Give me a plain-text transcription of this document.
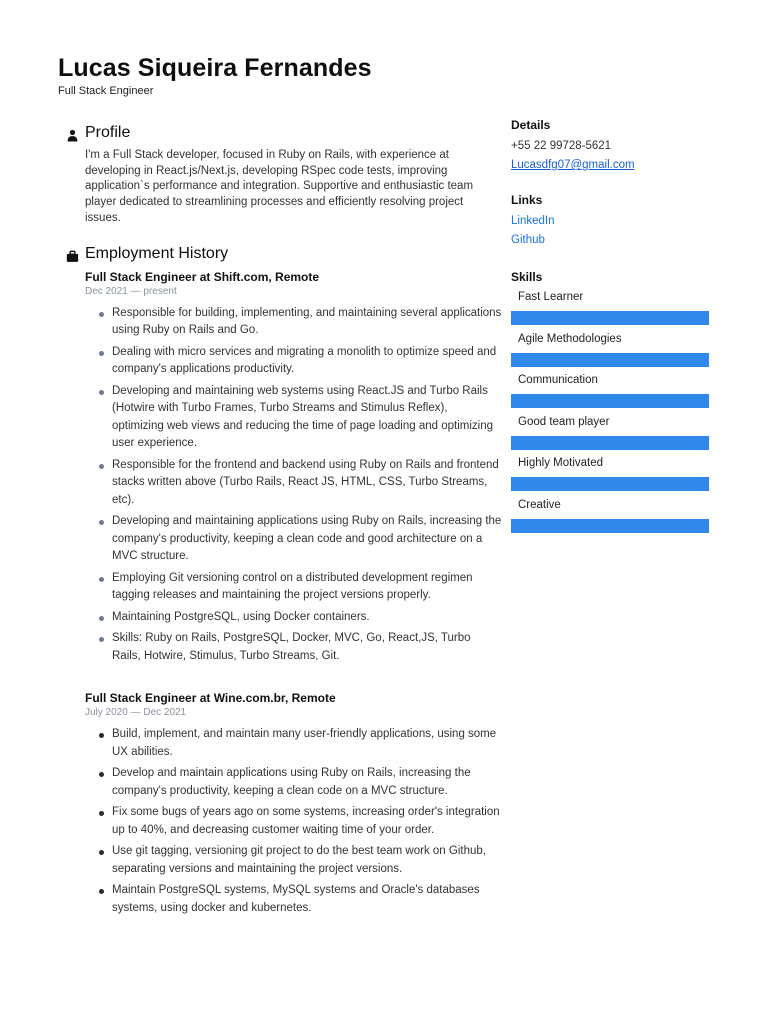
Lucas Siqueira Fernandes
Full Stack Engineer
Profile
I'm a Full Stack developer, focused in Ruby on Rails, with experience at developing in React.js/Next.js, developing RSpec code tests, improving application`s performance and integration. Supportive and enthusiastic team player dedicated to streamlining processes and efficiently resolving project issues.
Employment History
Full Stack Engineer at Shift.com, Remote
Dec 2021 — present
Responsible for building, implementing, and maintaining several applications using Ruby on Rails and Go.
Dealing with micro services and migrating a monolith to optimize speed and company's applications productivity.
Developing and maintaining web systems using React.JS and Turbo Rails (Hotwire with Turbo Frames, Turbo Streams and Stimulus Reflex), optimizing web views and reducing the time of page loading and optimizing user experience.
Responsible for the frontend and backend using Ruby on Rails and frontend stacks written above (Turbo Rails, React JS, HTML, CSS, Turbo Streams, etc).
Developing and maintaining applications using Ruby on Rails, increasing the company's productivity, keeping a clean code and good architecture on a MVC structure.
Employing Git versioning control on a distributed development regimen tagging releases and maintaining the project versions properly.
Maintaining PostgreSQL, using Docker containers.
Skills: Ruby on Rails, PostgreSQL, Docker, MVC, Go, React,JS, Turbo Rails, Hotwire, Stimulus, Turbo Streams, Git.
Full Stack Engineer at Wine.com.br, Remote
July 2020 — Dec 2021
Build, implement, and maintain many user-friendly applications, using some UX abilities.
Develop and maintain applications using Ruby on Rails, increasing the company's productivity, keeping a clean code on a MVC structure.
Fix some bugs of years ago on some systems, increasing order's integration up to 40%, and decreasing customer waiting time of your order.
Use git tagging, versioning git project to do the best team work on Github, separating versions and maintaining the project versions.
Maintain PostgreSQL systems, MySQL systems and Oracle's databases systems, using docker and kubernetes.
Details
+55 22 99728-5621
Lucasdfg07@gmail.com
Links
LinkedIn
Github
Skills
Fast Learner
Agile Methodologies
Communication
Good team player
Highly Motivated
Creative
